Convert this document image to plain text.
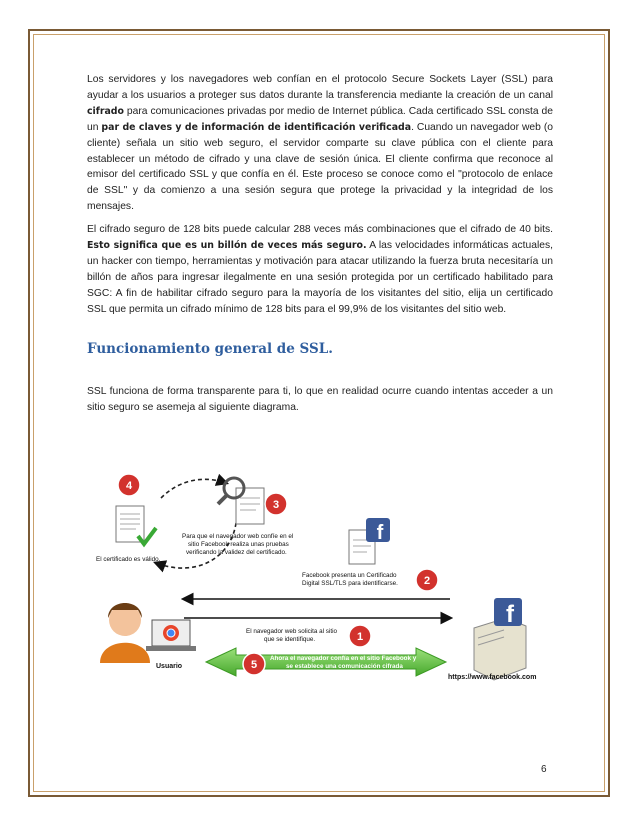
Los servidores y los navegadores web confían en el protocolo Secure Sockets Layer (SSL) para ayudar a los usuarios a proteger sus datos durante la transferencia mediante la creación de un canal cifrado para comunicaciones privadas por medio de Internet pública. Cada certificado SSL consta de un par de claves y de información de identificación verificada. Cuando un navegador web (o cliente) señala un sitio web seguro, el servidor comparte su clave pública con el cliente para establecer un método de cifrado y una clave de sesión única. El cliente confirma que reconoce al emisor del certificado SSL y que confía en él. Este proceso se conoce como el "protocolo de enlace de SSL" y da comienzo a una sesión segura que protege la privacidad y la integridad de los mensajes.

El cifrado seguro de 128 bits puede calcular 288 veces más combinaciones que el cifrado de 40 bits. Esto significa que es un billón de veces más seguro. A las velocidades informáticas actuales, un hacker con tiempo, herramientas y motivación para atacar utilizando la fuerza bruta necesitaría un billón de años para ingresar ilegalmente en una sesión protegida por un certificado habilitado para SGC: A fin de habilitar cifrado seguro para la mayoría de los visitantes del sitio, elija un certificado SSL que permita un cifrado mínimo de 128 bits para el 99,9% de los visitantes del sitio web.

Funcionamiento general de SSL.

SSL funciona de forma transparente para ti, lo que en realidad ocurre cuando intentas acceder a un sitio seguro se asemeja al siguiente diagrama.

4
El certificado es válido.
3
Para que el navegador web confíe en el
sitio Facebook realiza unas pruebas
verificando la validez del certificado.
f
2
Facebook presenta un Certificado
Digital SSL/TLS para identificarse.
El navegador web solicita al sitio
que se identifique.	1
5
Ahora el navegador confía en el sitio Facebook y
se establece una comunicación cifrada
Usuario
f
https://www.facebook.com
6
